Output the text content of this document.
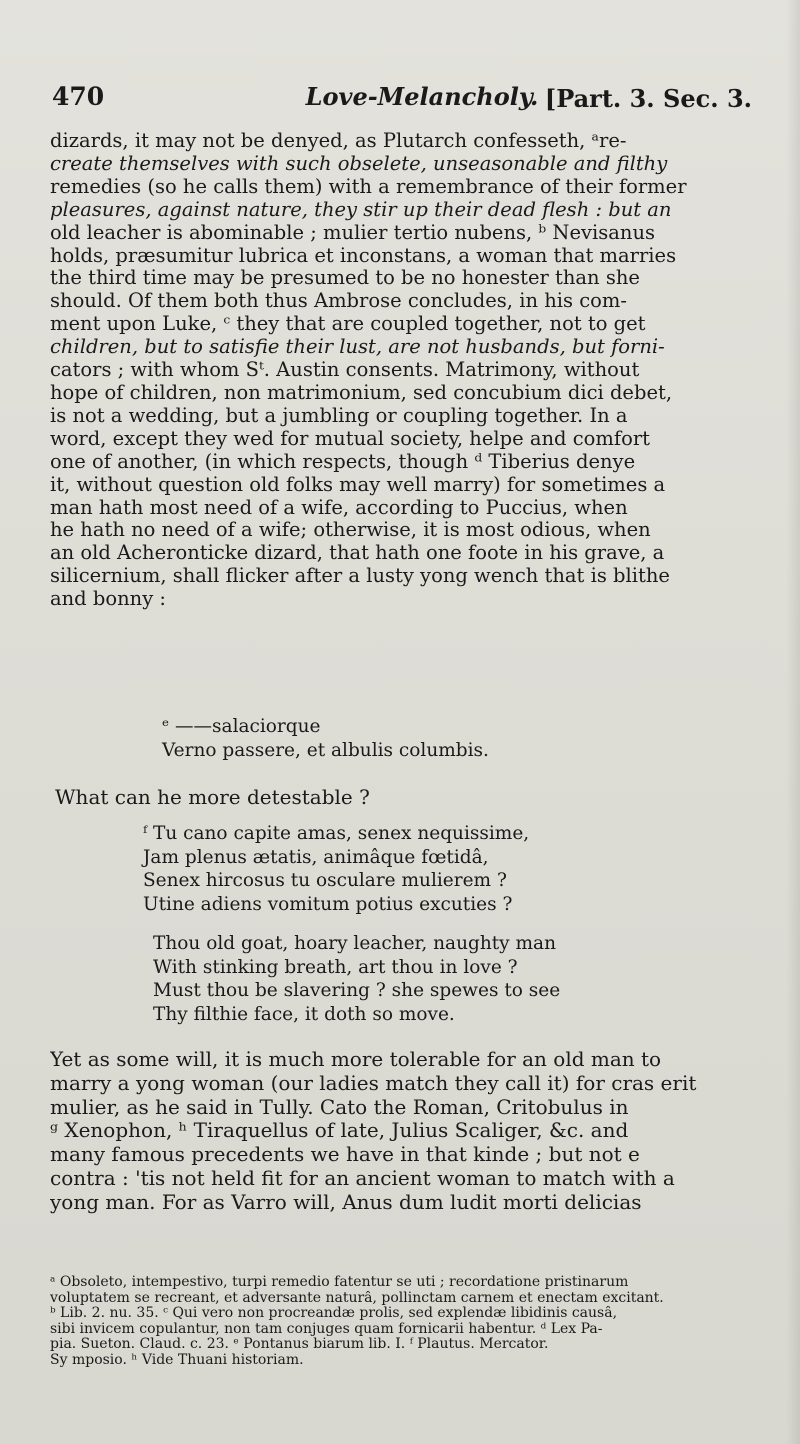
470	Love-Melancholy. [Part. 3. Sec. 3.
dizards, it may not be denyed, as Plutarch confesseth, ᵃre-
create themselves with such obselete, unseasonable and filthy
remedies (so he calls them) with a remembrance of their former
pleasures, against nature, they stir up their dead flesh : but an
old leacher is abominable ; mulier tertio nubens, ᵇ Nevisanus
holds, præsumitur lubrica et inconstans, a woman that marries
the third time may be presumed to be no honester than she
should. Of them both thus Ambrose concludes, in his com-
ment upon Luke, ᶜ they that are coupled together, not to get
children, but to satisfie their lust, are not husbands, but forni-
cators ; with whom Sᵗ. Austin consents. Matrimony, without
hope of children, non matrimonium, sed concubium dici debet,
is not a wedding, but a jumbling or coupling together. In a
word, except they wed for mutual society, helpe and comfort
one of another, (in which respects, though ᵈ Tiberius denye
it, without question old folks may well marry) for sometimes a
man hath most need of a wife, according to Puccius, when
he hath no need of a wife; otherwise, it is most odious, when
an old Acheronticke dizard, that hath one foote in his grave, a
silicernium, shall flicker after a lusty yong wench that is blithe
and bonny :
ᵉ ——salaciorque
Verno passere, et albulis columbis.
What can he more detestable ?
ᶠ Tu cano capite amas, senex nequissime,
Jam plenus ætatis, animâque fœtidâ,
Senex hircosus tu osculare mulierem ?
Utine adiens vomitum potius excuties ?
Thou old goat, hoary leacher, naughty man
With stinking breath, art thou in love ?
Must thou be slavering ? she spewes to see
Thy filthie face, it doth so move.
Yet as some will, it is much more tolerable for an old man to
marry a yong woman (our ladies match they call it) for cras erit
mulier, as he said in Tully. Cato the Roman, Critobulus in
ᵍ Xenophon, ʰ Tiraquellus of late, Julius Scaliger, &c. and
many famous precedents we have in that kinde ; but not e
contra : 'tis not held fit for an ancient woman to match with a
yong man. For as Varro will, Anus dum ludit morti delicias
ᵃ Obsoleto, intempestivo, turpi remedio fatentur se uti ; recordatione pristinarum
voluptatem se recreant, et adversante naturâ, pollinctam carnem et enectam excitant.
ᵇ Lib. 2. nu. 35. ᶜ Qui vero non procreandæ prolis, sed explendæ libidinis causâ,
sibi invicem copulantur, non tam conjuges quam fornicarii habentur. ᵈ Lex Pa-
pia. Sueton. Claud. c. 23. ᵉ Pontanus biarum lib. I. ᶠ Plautus. Mercator.
Sy mposio. ʰ Vide Thuani historiam.
